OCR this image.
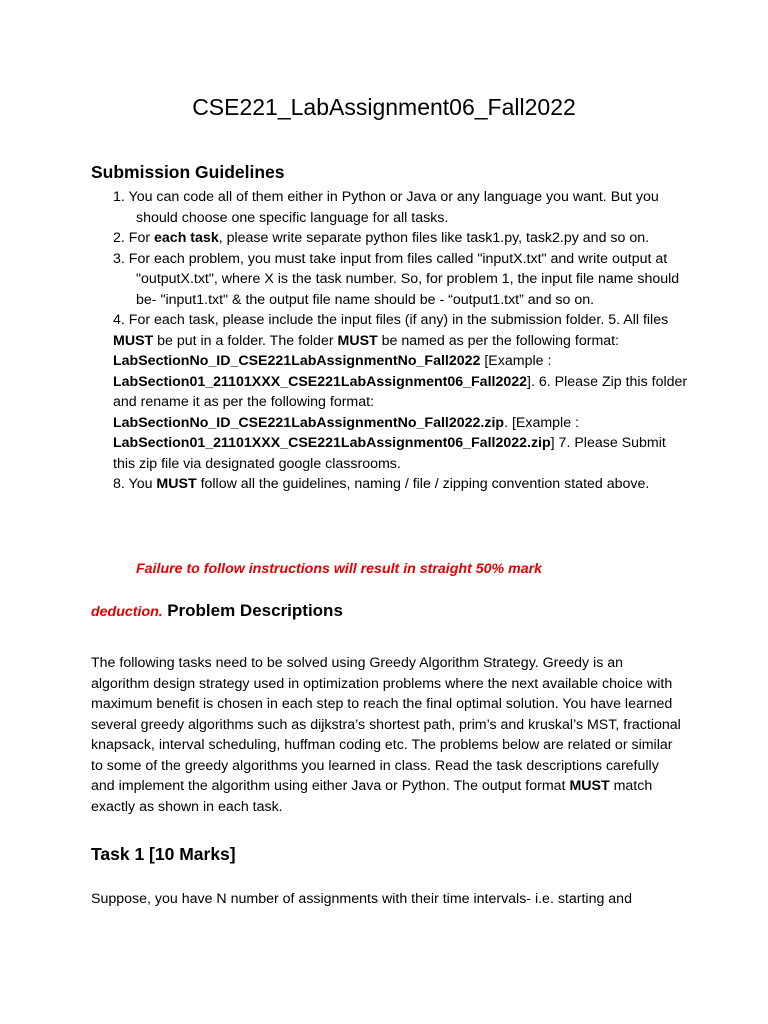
CSE221_LabAssignment06_Fall2022
Submission Guidelines
1. You can code all of them either in Python or Java or any language you want. But you should choose one specific language for all tasks.
2. For each task, please write separate python files like task1.py, task2.py and so on.
3. For each problem, you must take input from files called "inputX.txt" and write output at "outputX.txt", where X is the task number. So, for problem 1, the input file name should be- "input1.txt" & the output file name should be - “output1.txt” and so on.
4. For each task, please include the input files (if any) in the submission folder. 5. All files MUST be put in a folder. The folder MUST be named as per the following format: LabSectionNo_ID_CSE221LabAssignmentNo_Fall2022 [Example : LabSection01_21101XXX_CSE221LabAssignment06_Fall2022]. 6. Please Zip this folder and rename it as per the following format: LabSectionNo_ID_CSE221LabAssignmentNo_Fall2022.zip. [Example : LabSection01_21101XXX_CSE221LabAssignment06_Fall2022.zip] 7. Please Submit this zip file via designated google classrooms.
8. You MUST follow all the guidelines, naming / file / zipping convention stated above.

Failure to follow instructions will result in straight 50% mark

deduction. Problem Descriptions

The following tasks need to be solved using Greedy Algorithm Strategy. Greedy is an algorithm design strategy used in optimization problems where the next available choice with maximum benefit is chosen in each step to reach the final optimal solution. You have learned several greedy algorithms such as dijkstra’s shortest path, prim’s and kruskal’s MST, fractional knapsack, interval scheduling, huffman coding etc. The problems below are related or similar to some of the greedy algorithms you learned in class. Read the task descriptions carefully and implement the algorithm using either Java or Python. The output format MUST match exactly as shown in each task.

Task 1 [10 Marks]

Suppose, you have N number of assignments with their time intervals- i.e. starting and
